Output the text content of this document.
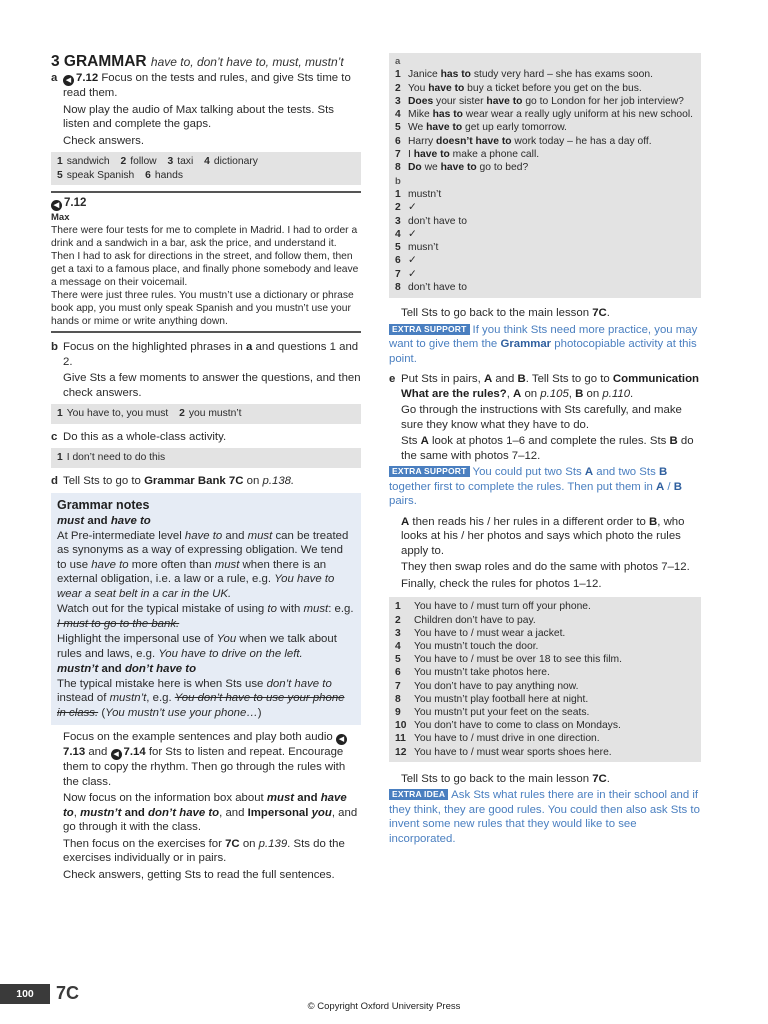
3 GRAMMAR have to, don’t have to, must, mustn’t
a	◀ 7.12 Focus on the tests and rules, and give Sts time to read them.

Now play the audio of Max talking about the tests. Sts listen and complete the gaps.

Check answers.

1 sandwich 2 follow 3 taxi 4 dictionary
5 speak Spanish 6 hands
◀ 7.12
Max

There were four tests for me to complete in Madrid. I had to order a drink and a sandwich in a bar, ask the price, and understand it. Then I had to ask for directions in the street, and follow them, then get a taxi to a famous place, and finally phone somebody and leave a message on their voicemail.

There were just three rules. You mustn’t use a dictionary or phrase book app, you must only speak Spanish and you mustn’t use your hands or mime or write anything down.

b Focus on the highlighted phrases in a and questions 1 and 2.

Give Sts a few moments to answer the questions, and then check answers.

1 You have to, you must 2 you mustn’t
c Do this as a whole-class activity.

1 I don’t need to do this
d Tell Sts to go to Grammar Bank 7C on p.138.

Grammar notes
must and have to

At Pre-intermediate level have to and must can be treated as synonyms as a way of expressing obligation. We tend to use have to more often than must when there is an external obligation, i.e. a law or a rule, e.g. You have to wear a seat belt in a car in the UK.

Watch out for the typical mistake of using to with must: e.g. I must to go to the bank.

Highlight the impersonal use of You when we talk about rules and laws, e.g. You have to drive on the left.

mustn’t and don’t have to

The typical mistake here is when Sts use don’t have to instead of mustn’t, e.g. You don’t have to use your phone in class. (You mustn’t use your phone…)

Focus on the example sentences and play both audio ◀7.13 and ◀ 7.14 for Sts to listen and repeat. Encourage them to copy the rhythm. Then go through the rules with the class.

Now focus on the information box about must and have to, mustn’t and don’t have to, and Impersonal you, and go through it with the class.

Then focus on the exercises for 7C on p.139. Sts do the exercises individually or in pairs.

Check answers, getting Sts to read the full sentences.

a
1 Janice has to study very hard – she has exams soon.
2 You have to buy a ticket before you get on the bus.
3 Does your sister have to go to London for her job interview?
4 Mike has to wear wear a really ugly uniform at his new school.
5 We have to get up early tomorrow.
6 Harry doesn’t have to work today – he has a day off.
7 I have to make a phone call.
8 Do we have to go to bed?
b
1 mustn’t
2 ✓
3 don’t have to
4 ✓
5 musn’t
6 ✓
7 ✓
8 don’t have to

Tell Sts to go back to the main lesson 7C.

EXTRA SUPPORT If you think Sts need more practice, you may want to give them the Grammar photocopiable activity at this point.

e Put Sts in pairs, A and B. Tell Sts to go to Communication What are the rules?, A on p.105, B on p.110.

Go through the instructions with Sts carefully, and make sure they know what they have to do.

Sts A look at photos 1–6 and complete the rules. Sts B do the same with photos 7–12.

EXTRA SUPPORT You could put two Sts A and two Sts B together first to complete the rules. Then put them in A / B pairs.

A then reads his / her rules in a different order to B, who looks at his / her photos and says which photo the rules apply to.

They then swap roles and do the same with photos 7–12.

Finally, check the rules for photos 1–12.

1	You have to / must turn off your phone.
2	Children don’t have to pay.
3	You have to / must wear a jacket.
4	You mustn’t touch the door.
5	You have to / must be over 18 to see this film.
6	You mustn’t take photos here.
7	You don’t have to pay anything now.
8	You mustn’t play football here at night.
9	You mustn’t put your feet on the seats.
10 You don’t have to come to class on Mondays.
11 You have to / must drive in one direction.
12 You have to / must wear sports shoes here.

Tell Sts to go back to the main lesson 7C.

EXTRA IDEA Ask Sts what rules there are in their school and if they think, they are good rules. You could then also ask Sts to invent some new rules that they would like to see incorporated.

100	7C
© Copyright Oxford University Press
